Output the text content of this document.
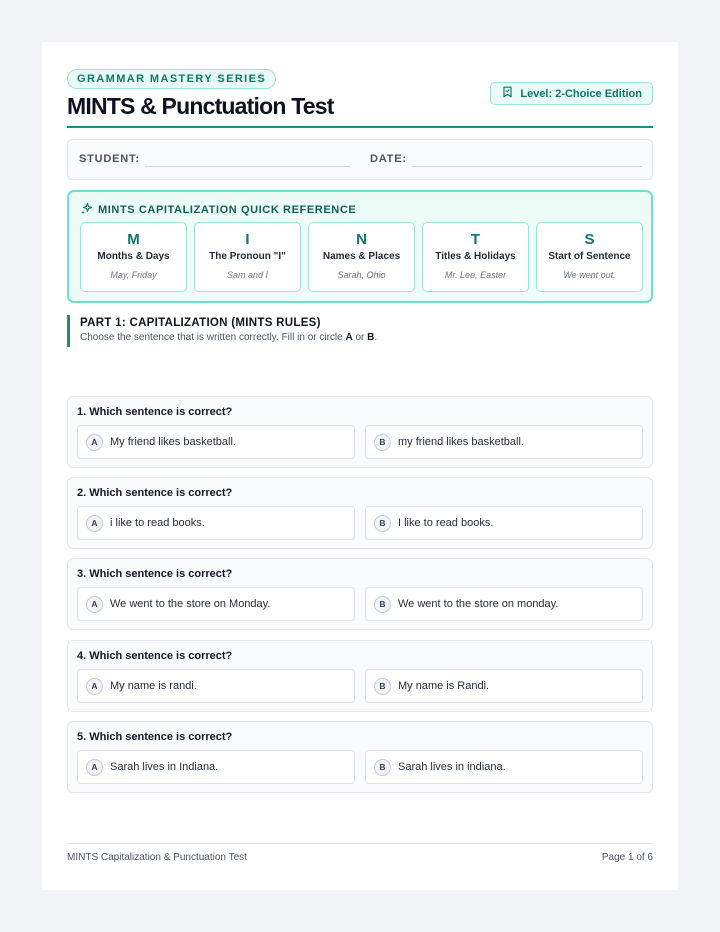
GRAMMAR MASTERY SERIES
MINTS & Punctuation Test	Level: 2-Choice Edition
STUDENT:	DATE:
MINTS CAPITALIZATION QUICK REFERENCE
M
Months & Days
May, Friday
I
The Pronoun "I"
Sam and I
N
Names & Places
Sarah, Ohio
T
Titles & Holidays
Mr. Lee, Easter
S
Start of Sentence
We went out.
PART 1: CAPITALIZATION (MINTS RULES)
Choose the sentence that is written correctly. Fill in or circle A or B.
1. Which sentence is correct?
A	My friend likes basketball.	B	my friend likes basketball.
2. Which sentence is correct?
A	i like to read books.	B	I like to read books.
3. Which sentence is correct?
A	We went to the store on Monday.	B	We went to the store on monday.
4. Which sentence is correct?
A	My name is randi.	B	My name is Randi.
5. Which sentence is correct?
A	Sarah lives in Indiana.	B	Sarah lives in indiana.
MINTS Capitalization & Punctuation Test	Page 1 of 6
